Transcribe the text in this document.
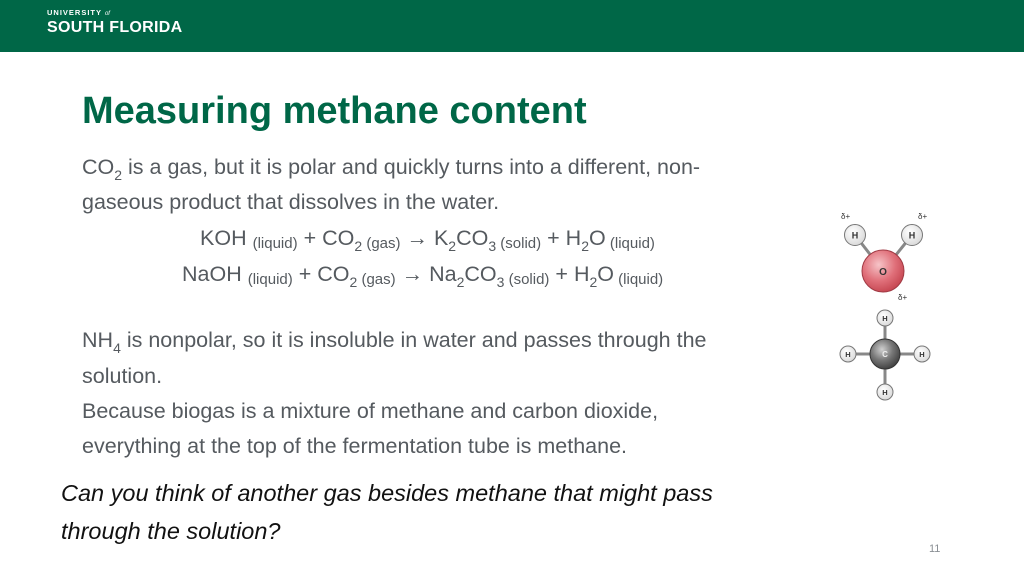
UNIVERSITY of
SOUTH FLORIDA
Measuring methane content
$CO_2$ is a gas, but it is polar and quickly turns into a different, non-
gaseous product that dissolves in the water.
KOH (liquid) + $CO_2$ $(gas) \to K_2CO_3$ (solid) + $H_2O$ (liquid)
NaOH (liquid) + $CO_2$ $(gas) \to Na_2CO_3$ (solid) + $H_2O$ (liquid)
$NH_4$ is nonpolar, so it is insoluble in water and passes through the
solution.
Because biogas is a mixture of methane and carbon dioxide,
everything at the top of the fermentation tube is methane.
Can you think of another gas besides methane that might pass
through the solution?
11
H	H
O
δ+	δ+
δ+
C
H
H
H	H
